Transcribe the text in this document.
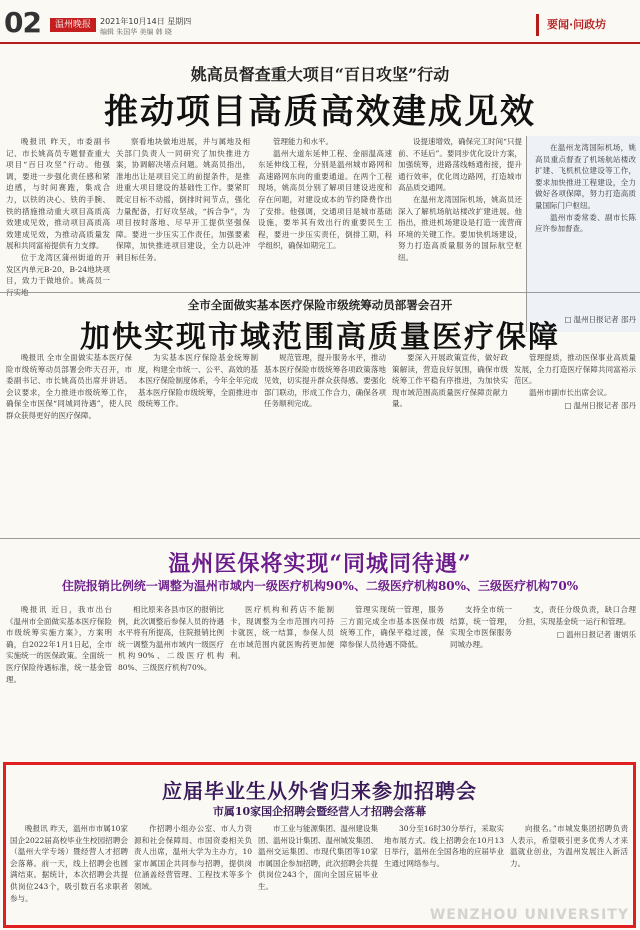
02	温州晚报	2021年10月14日 星期四
编辑 朱国华 美编 韩 晓
要闻·问政坊
姚高员督查重大项目“百日攻坚”行动
推动项目高质高效建成见效

晚报讯 昨天，市委副书记、市长姚高员专题督查重大项目“百日攻坚”行动。他强调，要进一步强化责任感和紧迫感，与时间赛跑，集成合力，以铁的决心、铁的手腕、铁的措施推动重大项目高质高效建成见效，推动项目高质高效建成见效，为推动高质量发展和共同富裕提供有力支撑。

位于龙湾区蒲州街道的开发区内单元B-20、B-24地块项目，致力于做地价。姚高员一

察看地块做地进展，并与属地及相关部门负责人一同研究了加快推进方案，协调解决堵点问题。姚高员指出，准地出让是项目完工的前提条件，是推进重大项目建设的基础性工作。要紧盯既定目标不动摇，倒排时间节点，强化力量配备，打好攻坚战，“拆合争”，为项目按时落地、尽早开工提供坚强保障。要进一步压实工作责任，加强要素保障，加快推进项目建设，全力以赴冲刺目标任务。

管理能力和水平。

温州大道东延伸工程、金丽温高速东延伸线工程，分别是温州城市路网和高速路网东向的重要通道。在两个工程现场，姚高员分别了解项目建设进度和存在问题，对建设成本的节约降费作出了安排。他强调，交通项目是城市基础设施，要举其有效出行的重要民生工程，要进一步压实责任，倒排工期，科学组织，确保如期完工。

设提速增效，确保完工时间“只提前、不延后”。要同步优化设计方案，加强统筹，进路荡线畅通衔接，提升通行效率，优化周边路网，打造城市高品质交通网。

在温州龙湾国际机场，姚高员还深入了解机场航站楼改扩建进展。他指出，推进机场建设是打造一流营商环境的关键工作。要加快机场建设，努力打造高质量服务的国际航空枢纽。

在温州龙湾国际机场，姚高员重点督查了机场航站楼改扩建、飞机机位建设等工作，要求加快推进工程建设，全力做好各项保障，努力打造高质量国际门户枢纽。

温州市委常委、副市长陈应许参加督查。

□ 温州日报记者 邵丹
全市全面做实基本医疗保险市级统筹动员部署会召开
加快实现市域范围高质量医疗保障

晚报讯 全市全面做实基本医疗保险市级统筹动员部署会昨天召开，市委副书记、市长姚高员出席并讲话。会议要求，全力推进市级统筹工作，确保全市医保“同城同待遇”，使人民群众获得更好的医疗保障。

为实基本医疗保险基金统筹制度，构建全市统一、公平、高效的基本医疗保险制度体系，今年全年完成基本医疗保险市级统筹，全面推进市级统筹工作。

规范管理，提升服务水平，推动基本医疗保险市级统筹各项政策落地见效，切实提升群众获得感。要强化部门联动，形成工作合力，确保各项任务顺利完成。

要深入开展政策宣传，做好政策解读，营造良好氛围，确保市级统筹工作平稳有序推进，为加快实现市域范围高质量医疗保障贡献力量。

管理提质，推动医保事业高质量发展，全力打造医疗保障共同富裕示范区。

温州市副市长出席会议。

□ 温州日报记者 邵丹
温州医保将实现“同城同待遇”
住院报销比例统一调整为温州市域内一级医疗机构90%、二级医疗机构80%、三级医疗机构70%

晚报讯 近日，我市出台《温州市全面做实基本医疗保险市级统筹实施方案》，方案明确，自2022年1月1日起，全市实施统一的医保政策。全面统一医疗保险待遇标准，统一基金管理。

相比原来各县市区的报销比例，此次调整后参保人员的待遇水平将有所提高，住院报销比例统一调整为温州市域内一级医疗机构90%、二级医疗机构80%、三级医疗机构70%。

医疗机构和药店不能制卡，现调整为全市范围内可持卡就医，统一结算，参保人员在市域范围内就医购药更加便利。

管理实现统一管理，服务三方面完成全市基本医保市级统筹工作，确保平稳过渡，保障参保人员待遇不降低。

支持全市统一结算，统一管理，实现全市医保服务同城办理。

支，责任分级负责，缺口合理分担，实现基金统一运行和管理。

□ 温州日报记者 谢炳乐
应届毕业生从外省归来参加招聘会
市属10家国企招聘会暨经营人才招聘会落幕

晚报讯 昨天，温州市市属10家国企2022届高校毕业生校园招聘会（温州大学专场）暨经营人才招聘会落幕。前一天，线上招聘会也圆满结束。据统计，本次招聘会共提供岗位243个，吸引数百名求职者参与。

作招聘小组办公室、市人力资源和社会保障局、市国资委相关负责人出席，温州大学为主办方，10家市属国企共同参与招聘，提供岗位涵盖经营管理、工程技术等多个领域。

市工业与能源集团、温州建设集团、温州设计集团、温州城发集团、温州交运集团、市现代集团等10家市属国企参加招聘，此次招聘会共提供岗位243个，面向全国应届毕业生。

30分至16时30分举行，采取实地布展方式。线上招聘会在10月13日举行，温州在全国各地的应届毕业生通过网络参与。

向报名。”市城发集团招聘负责人表示，希望吸引更多优秀人才来温就业创业，为温州发展注入新活力。

WENZHOU UNIVERSITY
